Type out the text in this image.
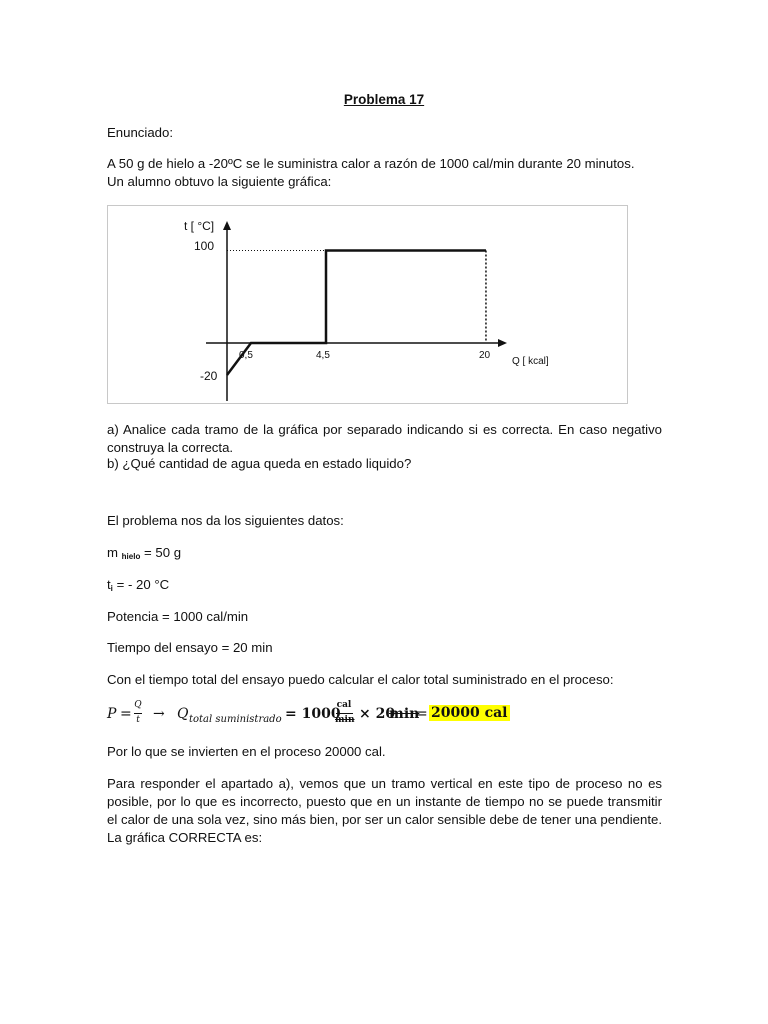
Problema 17

Enunciado:

A 50 g de hielo a -20ºC se le suministra calor a razón de 1000 cal/min durante 20 minutos.

Un alumno obtuvo la siguiente gráfica:

t [ °C]
Q [ kcal]
100
-20
0,5	4,5	20

a) Analice cada tramo de la gráfica por separado indicando si es correcta. En caso negativo construya la correcta.

b) ¿Qué cantidad de agua queda en estado liquido?

El problema nos da los siguientes datos:

m $_{hielo}$ = 50 g

$t_i$ = - 20 °C

Potencia = 1000 cal/min

Tiempo del ensayo = 20 min

Con el tiempo total del ensayo puedo calcular el calor total suministrado en el proceso:

P =
Q
t → Q total suministrado = 1000
cal
min × 20
min
= 20000 cal

Por lo que se invierten en el proceso 20000 cal.

Para responder el apartado a), vemos que un tramo vertical en este tipo de proceso no es posible, por lo que es incorrecto, puesto que en un instante de tiempo no se puede transmitir el calor de una sola vez, sino más bien, por ser un calor sensible debe de tener una pendiente. La gráfica CORRECTA es:
